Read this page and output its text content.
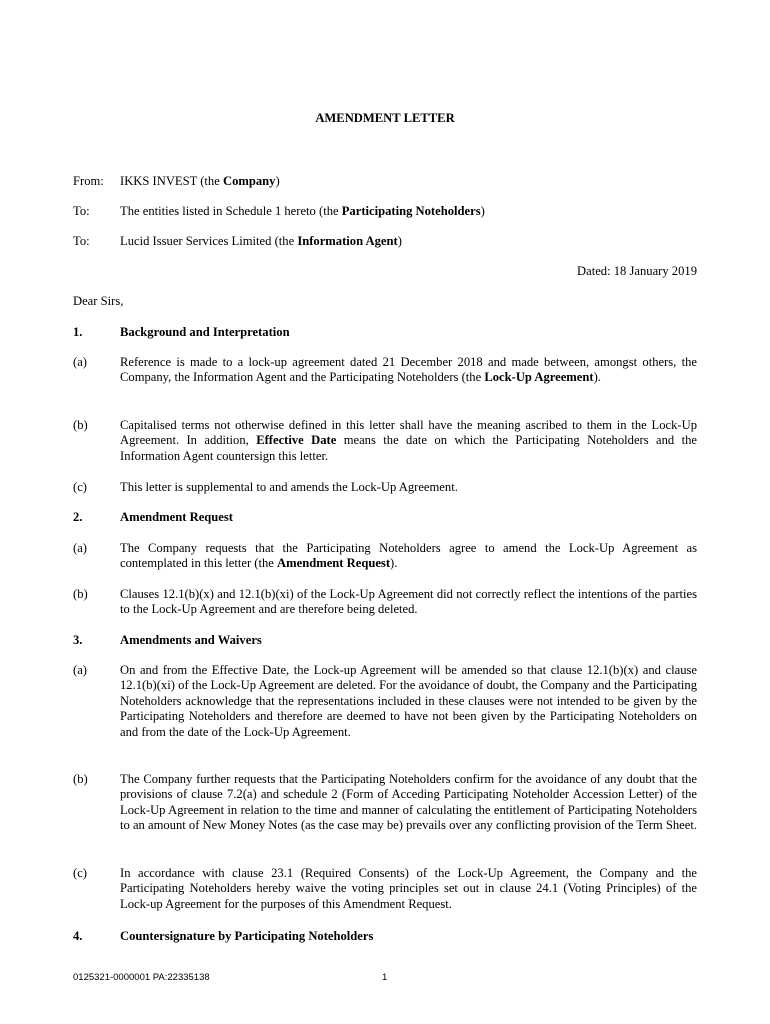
AMENDMENT LETTER
From: IKKS INVEST (the Company)
To: The entities listed in Schedule 1 hereto (the Participating Noteholders)
To: Lucid Issuer Services Limited (the Information Agent)
Dated: 18 January 2019
Dear Sirs,
1.	Background and Interpretation
(a)	Reference is made to a lock-up agreement dated 21 December 2018 and made between, amongst others, the Company, the Information Agent and the Participating Noteholders (the Lock-Up Agreement).
(b)	Capitalised terms not otherwise defined in this letter shall have the meaning ascribed to them in the Lock-Up Agreement. In addition, Effective Date means the date on which the Participating Noteholders and the Information Agent countersign this letter.
(c)	This letter is supplemental to and amends the Lock-Up Agreement.
2.	Amendment Request
(a)	The Company requests that the Participating Noteholders agree to amend the Lock-Up Agreement as contemplated in this letter (the Amendment Request).
(b)	Clauses 12.1(b)(x) and 12.1(b)(xi) of the Lock-Up Agreement did not correctly reflect the intentions of the parties to the Lock-Up Agreement and are therefore being deleted.
3.	Amendments and Waivers
(a)	On and from the Effective Date, the Lock-up Agreement will be amended so that clause 12.1(b)(x) and clause 12.1(b)(xi) of the Lock-Up Agreement are deleted. For the avoidance of doubt, the Company and the Participating Noteholders acknowledge that the representations included in these clauses were not intended to be given by the Participating Noteholders and therefore are deemed to have not been given by the Participating Noteholders on and from the date of the Lock-Up Agreement.
(b)	The Company further requests that the Participating Noteholders confirm for the avoidance of any doubt that the provisions of clause 7.2(a) and schedule 2 (Form of Acceding Participating Noteholder Accession Letter) of the Lock-Up Agreement in relation to the time and manner of calculating the entitlement of Participating Noteholders to an amount of New Money Notes (as the case may be) prevails over any conflicting provision of the Term Sheet.
(c)	In accordance with clause 23.1 (Required Consents) of the Lock-Up Agreement, the Company and the Participating Noteholders hereby waive the voting principles set out in clause 24.1 (Voting Principles) of the Lock-up Agreement for the purposes of this Amendment Request.
4.	Countersignature by Participating Noteholders
0125321-0000001 PA:22335138	1
